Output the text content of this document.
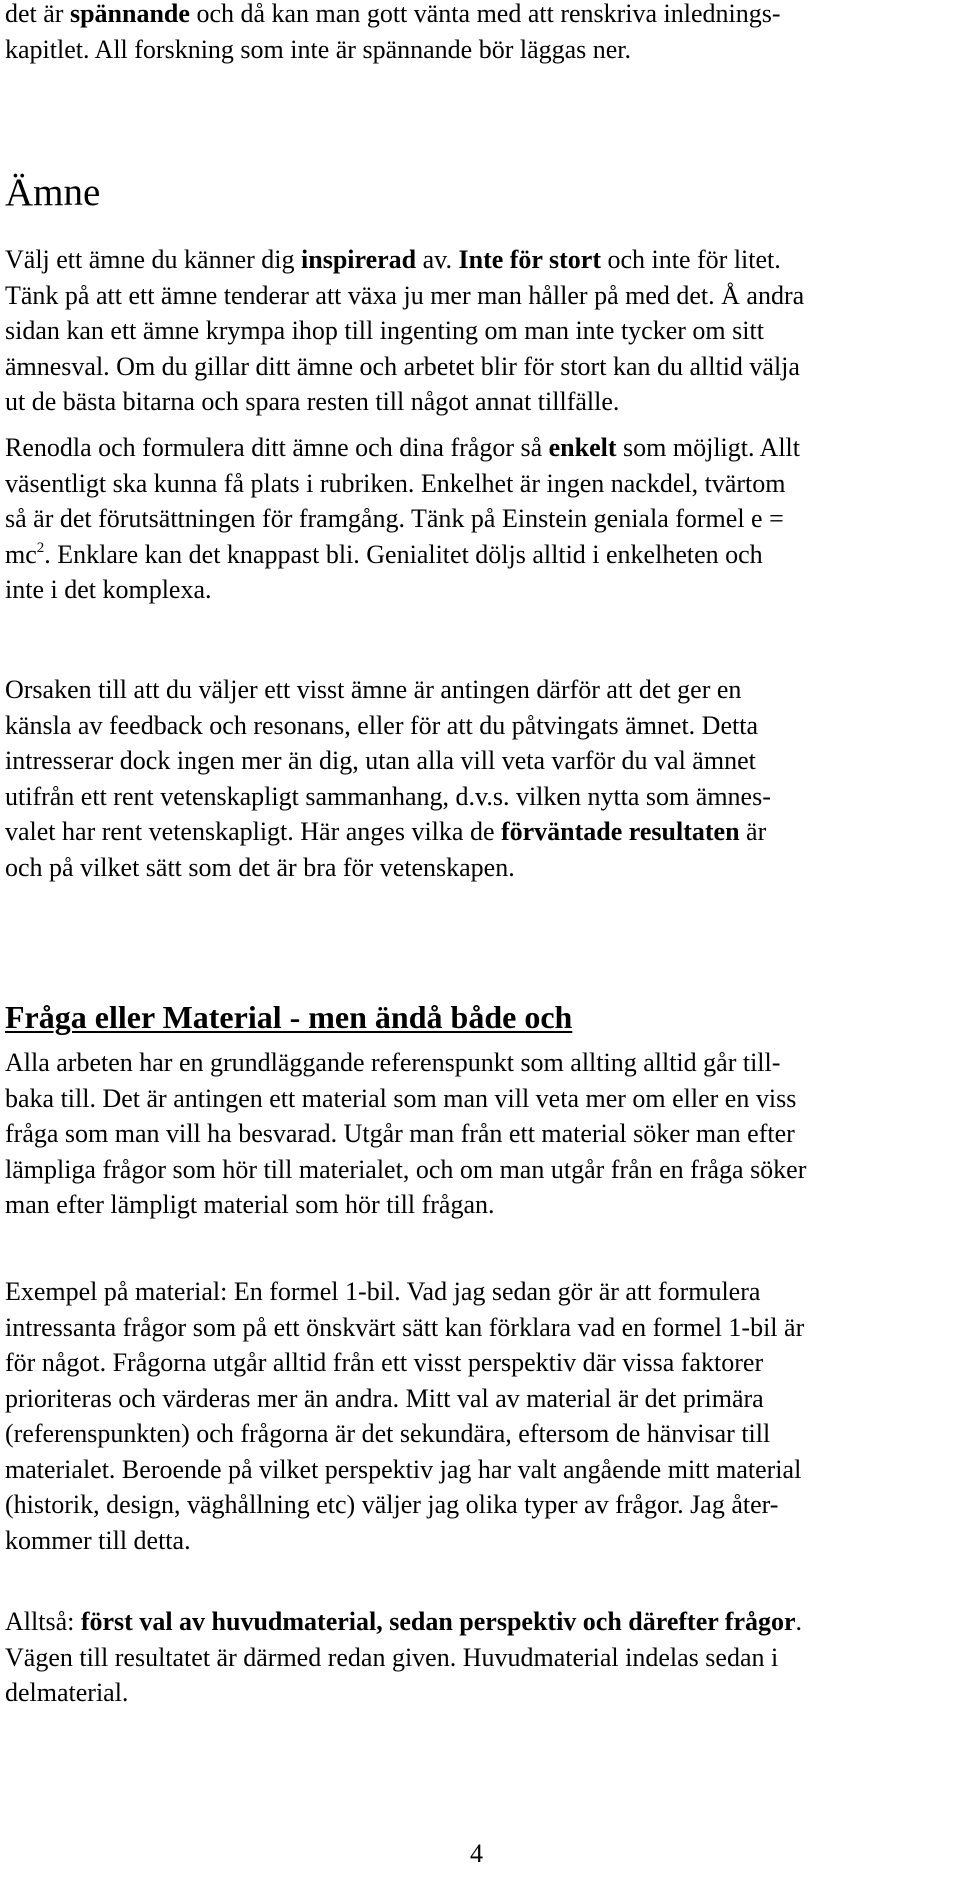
det är spännande och då kan man gott vänta med att renskriva inlednings-
kapitlet. All forskning som inte är spännande bör läggas ner.

Ämne

Välj ett ämne du känner dig inspirerad av. Inte för stort och inte för litet.
Tänk på att ett ämne tenderar att växa ju mer man håller på med det. Å andra
sidan kan ett ämne krympa ihop till ingenting om man inte tycker om sitt
ämnesval. Om du gillar ditt ämne och arbetet blir för stort kan du alltid välja
ut de bästa bitarna och spara resten till något annat tillfälle.

Renodla och formulera ditt ämne och dina frågor så enkelt som möjligt. Allt
väsentligt ska kunna få plats i rubriken. Enkelhet är ingen nackdel, tvärtom
så är det förutsättningen för framgång. Tänk på Einstein geniala formel e =
$mc^2$. Enklare kan det knappast bli. Genialitet döljs alltid i enkelheten och
inte i det komplexa.

Orsaken till att du väljer ett visst ämne är antingen därför att det ger en
känsla av feedback och resonans, eller för att du påtvingats ämnet. Detta
intresserar dock ingen mer än dig, utan alla vill veta varför du val ämnet
utifrån ett rent vetenskapligt sammanhang, d.v.s. vilken nytta som ämnes-
valet har rent vetenskapligt. Här anges vilka de förväntade resultaten är
och på vilket sätt som det är bra för vetenskapen.

Fråga eller Material - men ändå både och

Alla arbeten har en grundläggande referenspunkt som allting alltid går till-
baka till. Det är antingen ett material som man vill veta mer om eller en viss
fråga som man vill ha besvarad. Utgår man från ett material söker man efter
lämpliga frågor som hör till materialet, och om man utgår från en fråga söker
man efter lämpligt material som hör till frågan.

Exempel på material: En formel 1-bil. Vad jag sedan gör är att formulera
intressanta frågor som på ett önskvärt sätt kan förklara vad en formel 1-bil är
för något. Frågorna utgår alltid från ett visst perspektiv där vissa faktorer
prioriteras och värderas mer än andra. Mitt val av material är det primära
(referenspunkten) och frågorna är det sekundära, eftersom de hänvisar till
materialet. Beroende på vilket perspektiv jag har valt angående mitt material
(historik, design, väghållning etc) väljer jag olika typer av frågor. Jag åter-
kommer till detta.

Alltså: först val av huvudmaterial, sedan perspektiv och därefter frågor.
Vägen till resultatet är därmed redan given. Huvudmaterial indelas sedan i
delmaterial.

4
